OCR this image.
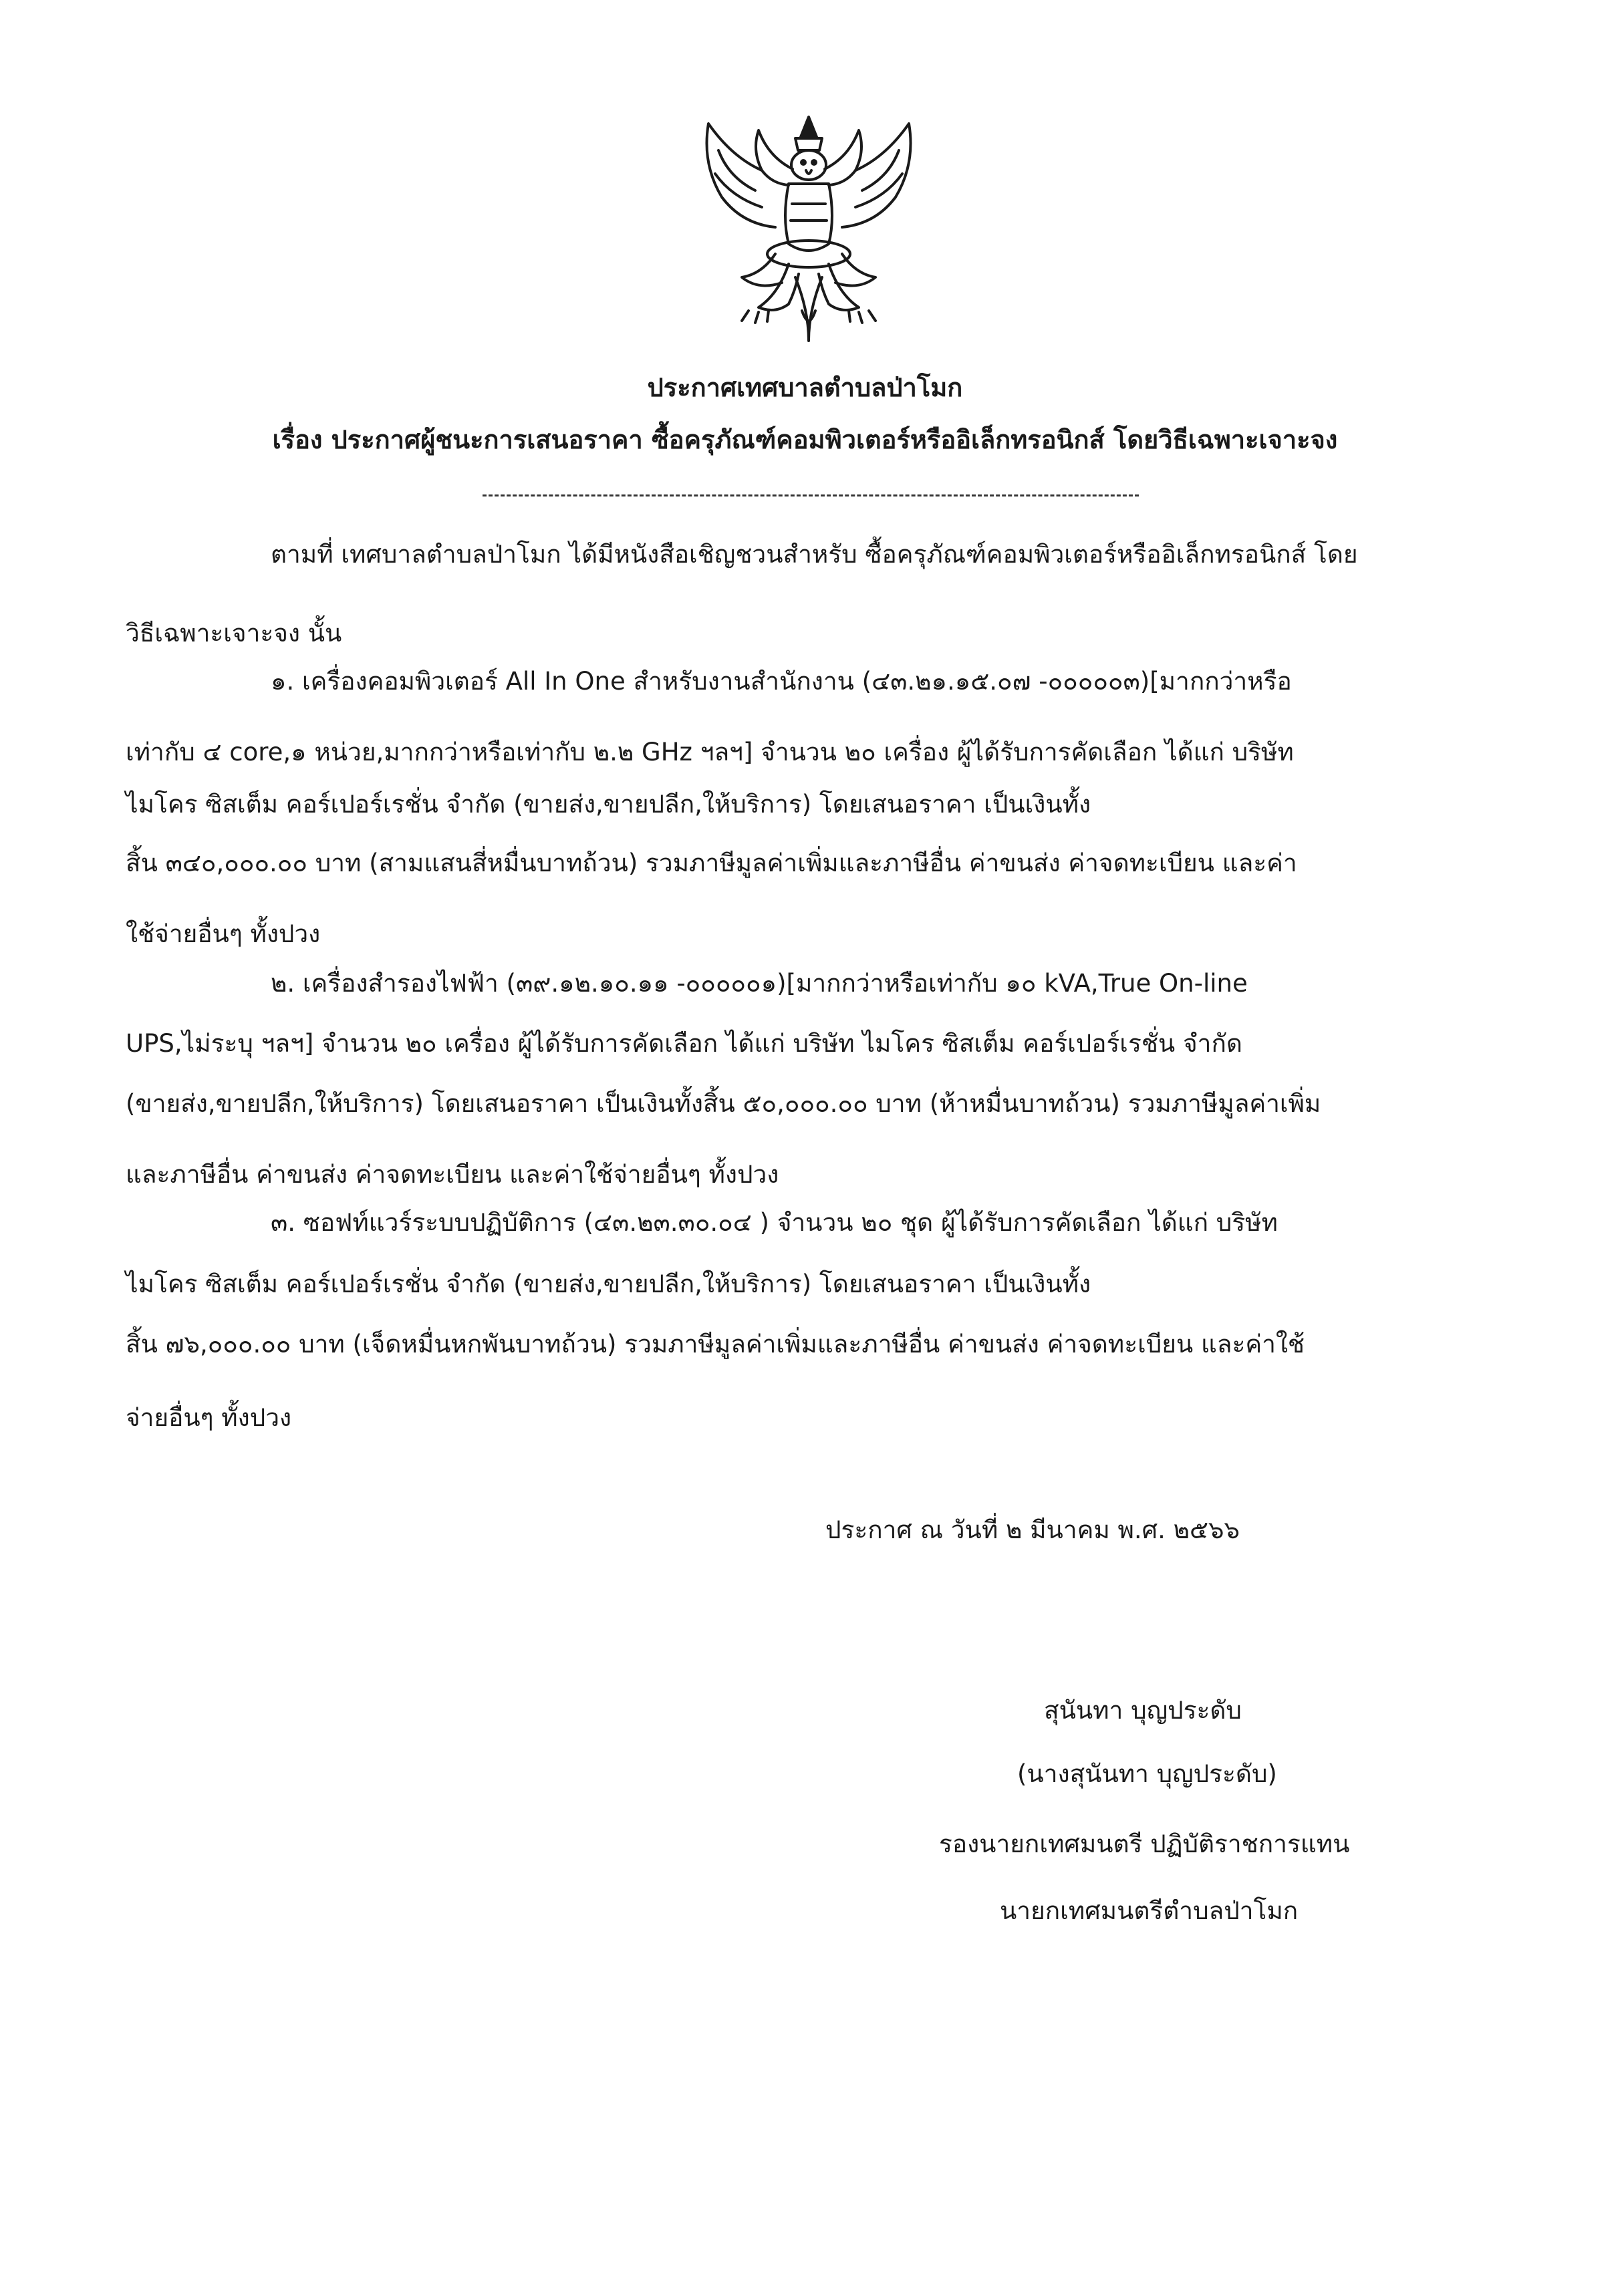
ประกาศเทศบาลตำบลป่าโมก
เรื่อง ประกาศผู้ชนะการเสนอราคา ซื้อครุภัณฑ์คอมพิวเตอร์หรืออิเล็กทรอนิกส์ โดยวิธีเฉพาะเจาะจง
ตามที่ เทศบาลตำบลป่าโมก ได้มีหนังสือเชิญชวนสำหรับ ซื้อครุภัณฑ์คอมพิวเตอร์หรืออิเล็กทรอนิกส์ โดย
วิธีเฉพาะเจาะจง นั้น
๑. เครื่องคอมพิวเตอร์ All In One สำหรับงานสำนักงาน (๔๓.๒๑.๑๕.๐๗ -๐๐๐๐๐๓)[มากกว่าหรือ
เท่ากับ ๔ core,๑ หน่วย,มากกว่าหรือเท่ากับ ๒.๒ GHz ฯลฯ] จำนวน ๒๐ เครื่อง ผู้ได้รับการคัดเลือก ได้แก่ บริษัท
ไมโคร ซิสเต็ม คอร์เปอร์เรชั่น จำกัด (ขายส่ง,ขายปลีก,ให้บริการ) โดยเสนอราคา เป็นเงินทั้ง
สิ้น ๓๔๐,๐๐๐.๐๐ บาท (สามแสนสี่หมื่นบาทถ้วน) รวมภาษีมูลค่าเพิ่มและภาษีอื่น ค่าขนส่ง ค่าจดทะเบียน และค่า
ใช้จ่ายอื่นๆ ทั้งปวง
๒. เครื่องสำรองไฟฟ้า (๓๙.๑๒.๑๐.๑๑ -๐๐๐๐๐๑)[มากกว่าหรือเท่ากับ ๑๐ kVA,True On-line
UPS,ไม่ระบุ ฯลฯ] จำนวน ๒๐ เครื่อง ผู้ได้รับการคัดเลือก ได้แก่ บริษัท ไมโคร ซิสเต็ม คอร์เปอร์เรชั่น จำกัด
(ขายส่ง,ขายปลีก,ให้บริการ) โดยเสนอราคา เป็นเงินทั้งสิ้น ๕๐,๐๐๐.๐๐ บาท (ห้าหมื่นบาทถ้วน) รวมภาษีมูลค่าเพิ่ม
และภาษีอื่น ค่าขนส่ง ค่าจดทะเบียน และค่าใช้จ่ายอื่นๆ ทั้งปวง
๓. ซอฟท์แวร์ระบบปฏิบัติการ (๔๓.๒๓.๓๐.๐๔ ) จำนวน ๒๐ ชุด ผู้ได้รับการคัดเลือก ได้แก่ บริษัท
ไมโคร ซิสเต็ม คอร์เปอร์เรชั่น จำกัด (ขายส่ง,ขายปลีก,ให้บริการ) โดยเสนอราคา เป็นเงินทั้ง
สิ้น ๗๖,๐๐๐.๐๐ บาท (เจ็ดหมื่นหกพันบาทถ้วน) รวมภาษีมูลค่าเพิ่มและภาษีอื่น ค่าขนส่ง ค่าจดทะเบียน และค่าใช้
จ่ายอื่นๆ ทั้งปวง
ประกาศ ณ วันที่ ๒ มีนาคม พ.ศ. ๒๕๖๖
สุนันทา บุญประดับ
(นางสุนันทา บุญประดับ)
รองนายกเทศมนตรี ปฏิบัติราชการแทน
นายกเทศมนตรีตำบลป่าโมก
